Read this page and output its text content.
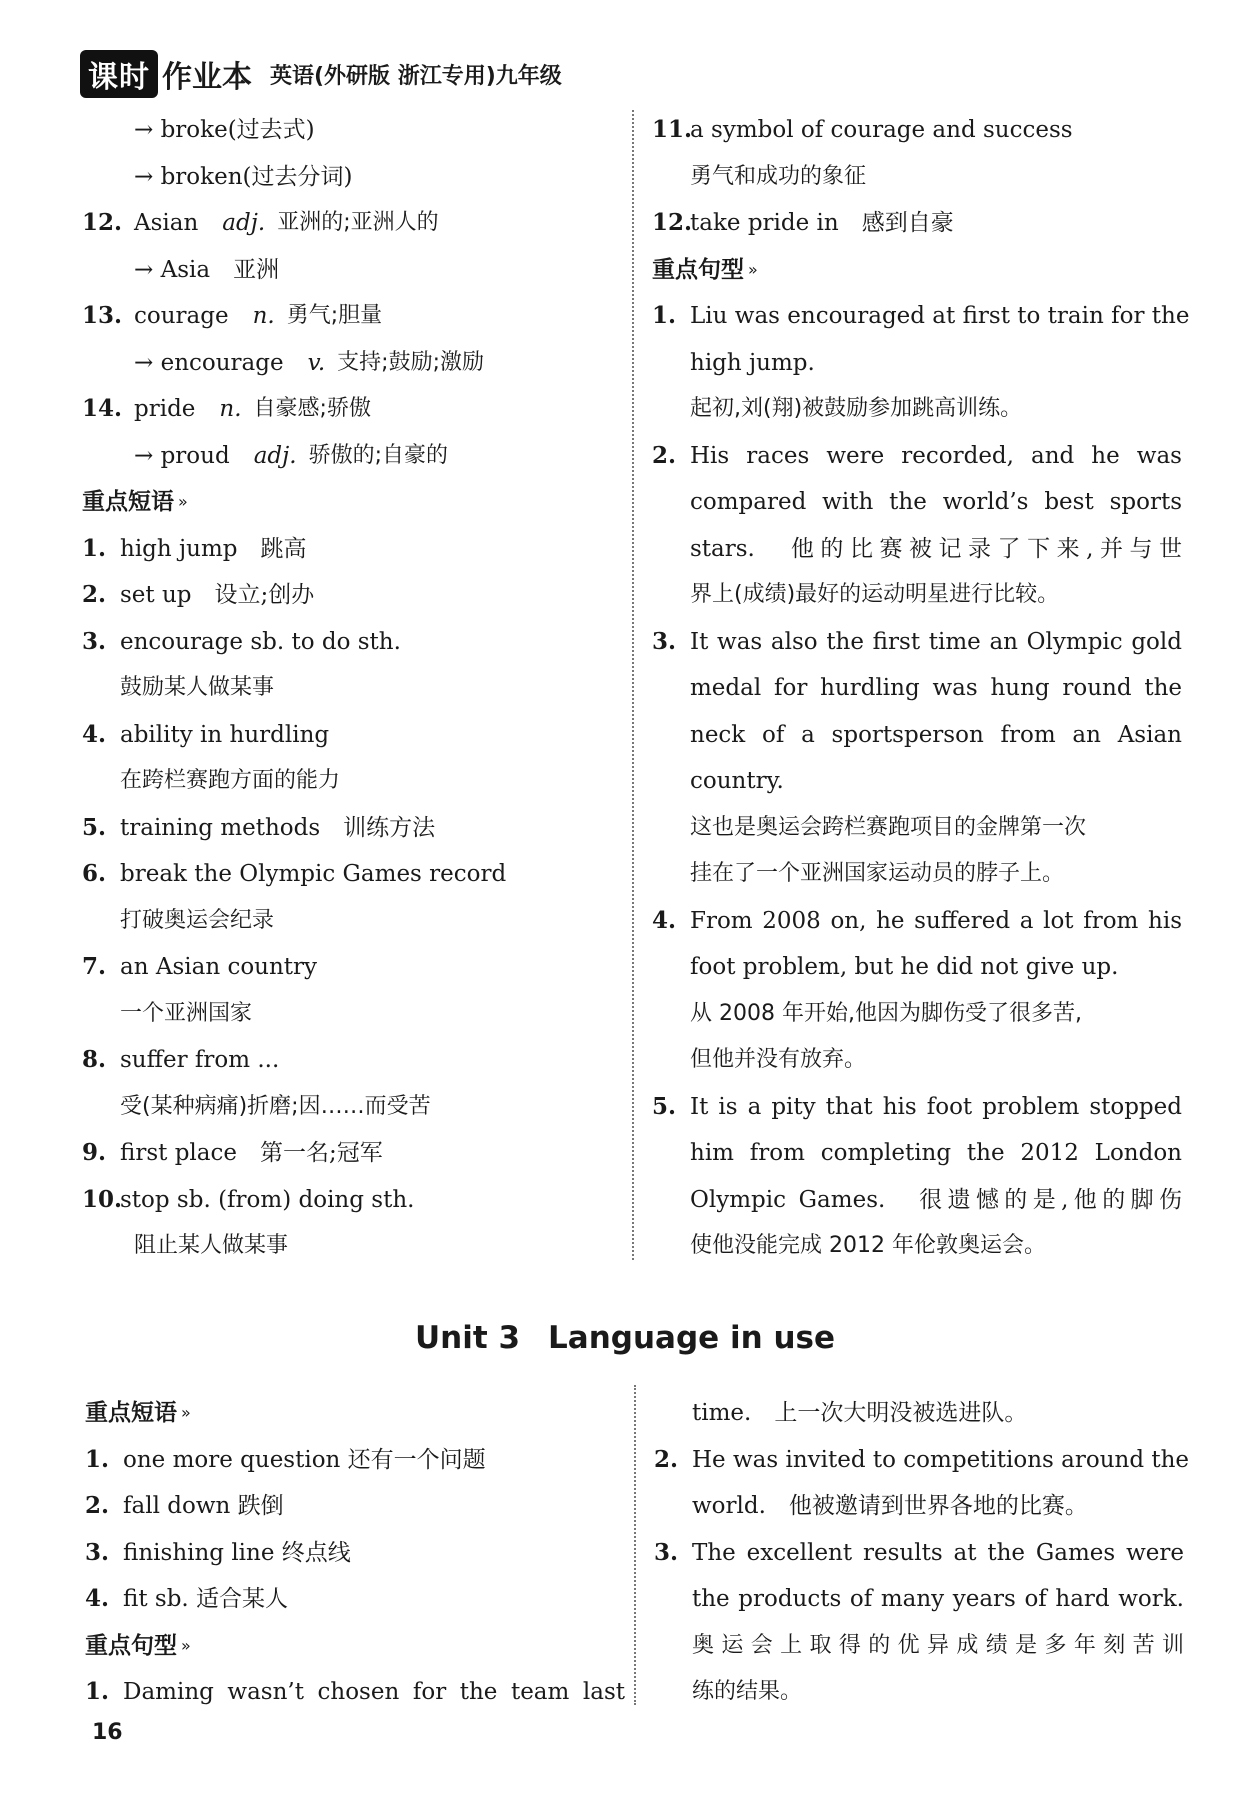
课时 作业本 英语(外研版 浙江专用)九年级
→ broke(过去式)
→ broken(过去分词)
12. Asian adj. 亚洲的;亚洲人的
→ Asia　亚洲
13. courage n. 勇气;胆量
→ encourage v. 支持;鼓励;激励
14. pride n. 自豪感;骄傲
→ proud adj. 骄傲的;自豪的
重点短语 »
1. high jump　跳高
2. set up　设立;创办
3. encourage sb. to do sth.
鼓励某人做某事
4. ability in hurdling
在跨栏赛跑方面的能力
5. training methods　训练方法
6. break the Olympic Games record
打破奥运会纪录
7. an Asian country
一个亚洲国家
8. suffer from ...
受(某种病痛)折磨;因……而受苦
9. first place　第一名;冠军
10.
stop sb. (from) doing sth.
阻止某人做某事
11.
a symbol of courage and success
勇气和成功的象征
12.
take pride in　感到自豪
重点句型 »
1. Liu was encouraged at first to train for the
high jump.
起初,刘(翔)被鼓励参加跳高训练。
2. His races were recorded, and he was
compared with the world’s best sports
stars.　他的比赛被记录了下来,并与世
界上(成绩)最好的运动明星进行比较。
3. It was also the first time an Olympic gold
medal for hurdling was hung round the
neck of a sportsperson from an Asian
country.
这也是奥运会跨栏赛跑项目的金牌第一次
挂在了一个亚洲国家运动员的脖子上。
4. From 2008 on, he suffered a lot from his
foot problem, but he did not give up.
从 2008 年开始,他因为脚伤受了很多苦,
但他并没有放弃。
5. It is a pity that his foot problem stopped
him from completing the 2012 London
Olympic Games.　很遗憾的是,他的脚伤
使他没能完成 2012 年伦敦奥运会。
Unit 3 Language in use
重点短语 »
1. one more question 还有一个问题
2. fall down 跌倒
3. finishing line 终点线
4. fit sb. 适合某人
重点句型 »
1. Daming wasn’t chosen for the team last
time.　上一次大明没被选进队。
2. He was invited to competitions around the
world.　他被邀请到世界各地的比赛。
3. The excellent results at the Games were
the products of many years of hard work.
奥运会上取得的优异成绩是多年刻苦训
练的结果。
16
